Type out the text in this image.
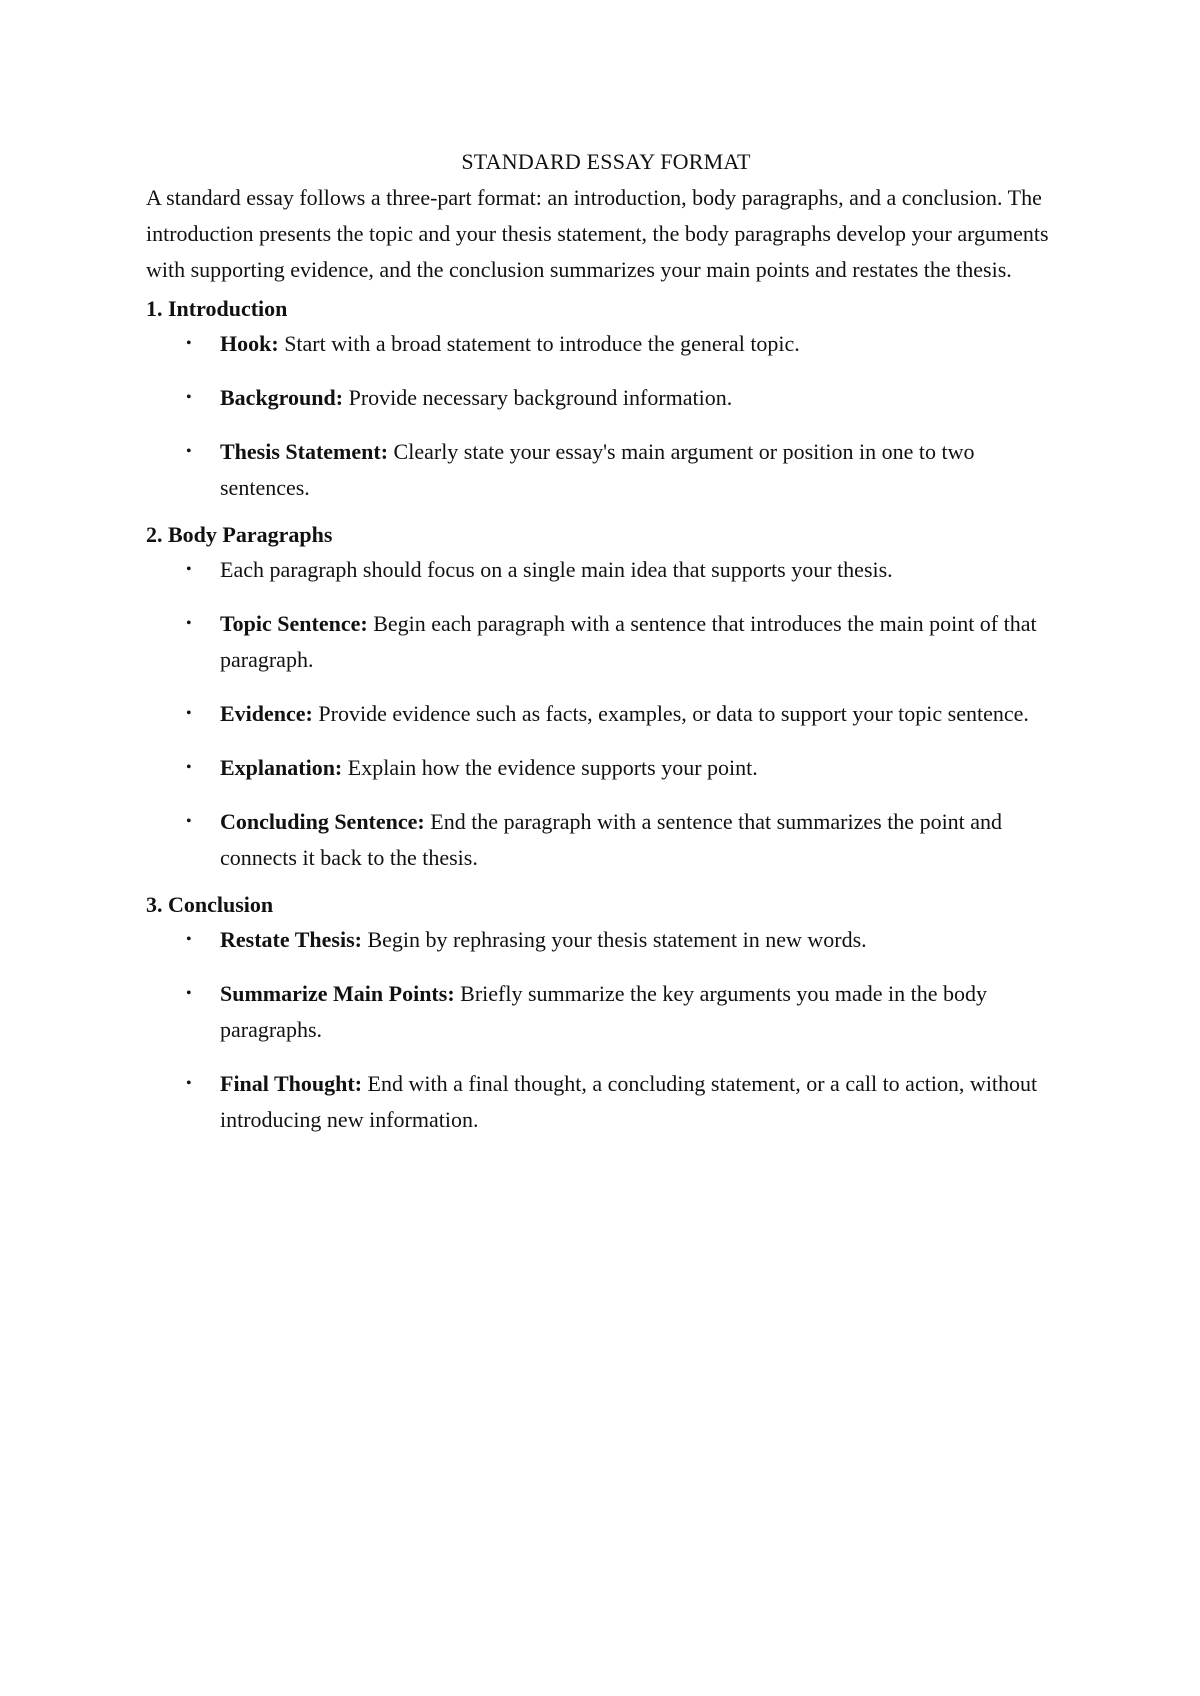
STANDARD ESSAY FORMAT

A standard essay follows a three-part format: an introduction, body paragraphs, and a conclusion. The introduction presents the topic and your thesis statement, the body paragraphs develop your arguments with supporting evidence, and the conclusion summarizes your main points and restates the thesis.

1. Introduction
• Hook: Start with a broad statement to introduce the general topic.
• Background: Provide necessary background information.
• Thesis Statement: Clearly state your essay's main argument or position in one to two sentences.
2. Body Paragraphs
• Each paragraph should focus on a single main idea that supports your thesis.
• Topic Sentence: Begin each paragraph with a sentence that introduces the main point of that paragraph.
• Evidence: Provide evidence such as facts, examples, or data to support your topic sentence.
• Explanation: Explain how the evidence supports your point.
• Concluding Sentence: End the paragraph with a sentence that summarizes the point and connects it back to the thesis.
3. Conclusion
• Restate Thesis: Begin by rephrasing your thesis statement in new words.
• Summarize Main Points: Briefly summarize the key arguments you made in the body paragraphs.
• Final Thought: End with a final thought, a concluding statement, or a call to action, without introducing new information.
